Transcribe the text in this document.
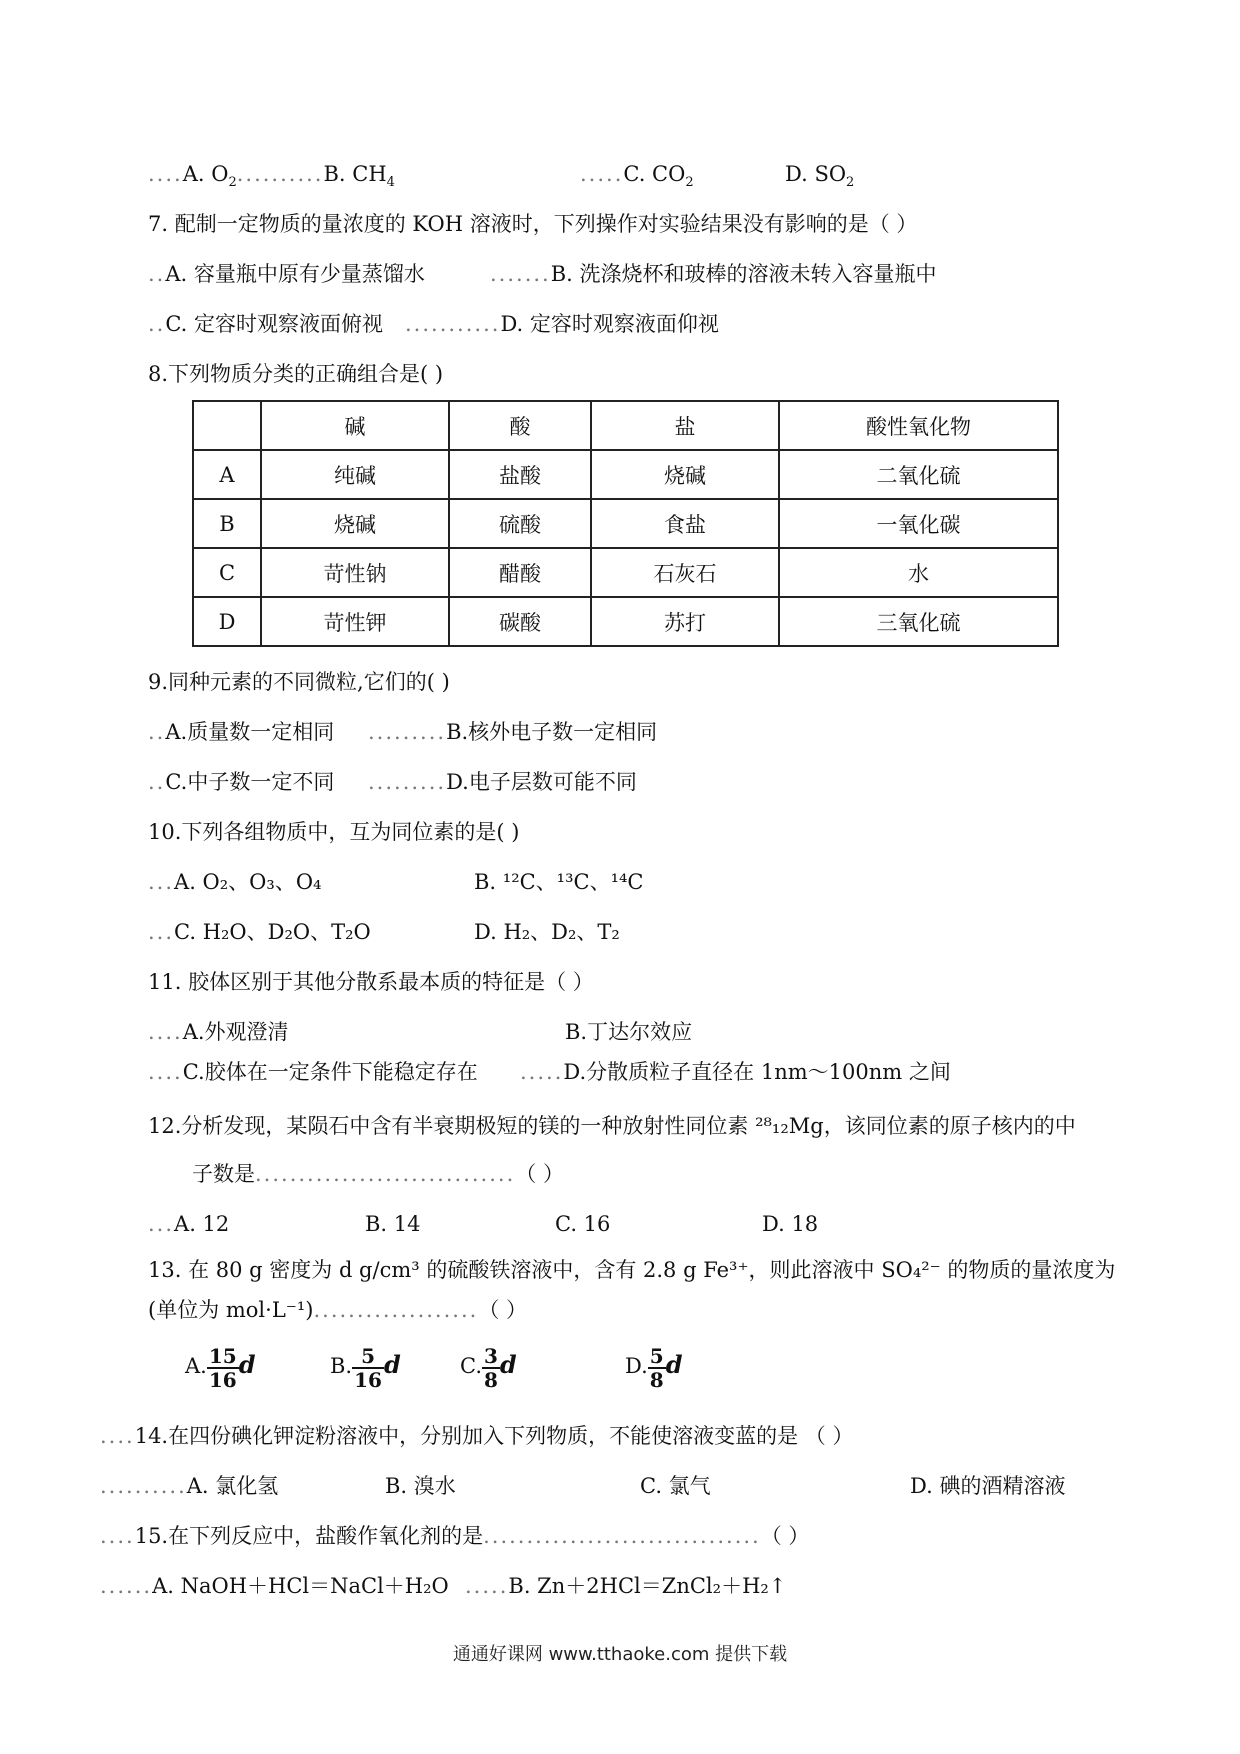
....A. $O_2..........B$. $CH_4$	.....C. $CO_2$	D. $SO_2$
7. 配制一定物质的量浓度的 KOH 溶液时，下列操作对实验结果没有影响的是（ ）
..A. 容量瓶中原有少量蒸馏水	.......B. 洗涤烧杯和玻棒的溶液未转入容量瓶中
..C. 定容时观察液面俯视 ...........D. 定容时观察液面仰视
8.下列物质分类的正确组合是( )
	碱	酸	盐	酸性氧化物
A	纯碱	盐酸	烧碱	二氧化硫
B	烧碱	硫酸	食盐	一氧化碳
C	苛性钠	醋酸	石灰石	水
D	苛性钾	碳酸	苏打	三氧化硫
9.同种元素的不同微粒,它们的( )
..A.质量数一定相同 .........B.核外电子数一定相同
..C.中子数一定不同 .........D.电子层数可能不同
10.下列各组物质中，互为同位素的是( )
...A. O₂、O₃、O₄	B. ¹²C、¹³C、¹⁴C
...C. H₂O、D₂O、T₂O	D. H₂、D₂、T₂
11. 胶体区别于其他分散系最本质的特征是（ ）
....A.外观澄清	B.丁达尔效应
....C.胶体在一定条件下能稳定存在 .....D.分散质粒子直径在 1nm～100nm 之间
12.分析发现，某陨石中含有半衰期极短的镁的一种放射性同位素 ²⁸₁₂Mg，该同位素的原子核内的中
子数是..............................（ ）
...A. 12	B. 14	C. 16	D. 18
13. 在 80 g 密度为 d g/cm³ 的硫酸铁溶液中，含有 2.8 g Fe³⁺，则此溶液中 SO₄²⁻ 的物质的量浓度为
(单位为 mol·L⁻¹)...................（ ）
A. $\frac{15}{16}$ d	B. $\frac{5}{16}$ d	C. $\frac{3}{8}$ d	D. $\frac{5}{8}$ d
....14.在四份碘化钾淀粉溶液中，分别加入下列物质，不能使溶液变蓝的是 （ ）
..........A. 氯化氢	B. 溴水	C. 氯气	D. 碘的酒精溶液
....15.在下列反应中，盐酸作氧化剂的是................................（ ）
......A. NaOH＋HCl＝NaCl＋H₂O .....B. Zn＋2HCl＝ZnCl₂＋H₂↑
通通好课网 www.tthaoke.com 提供下载
